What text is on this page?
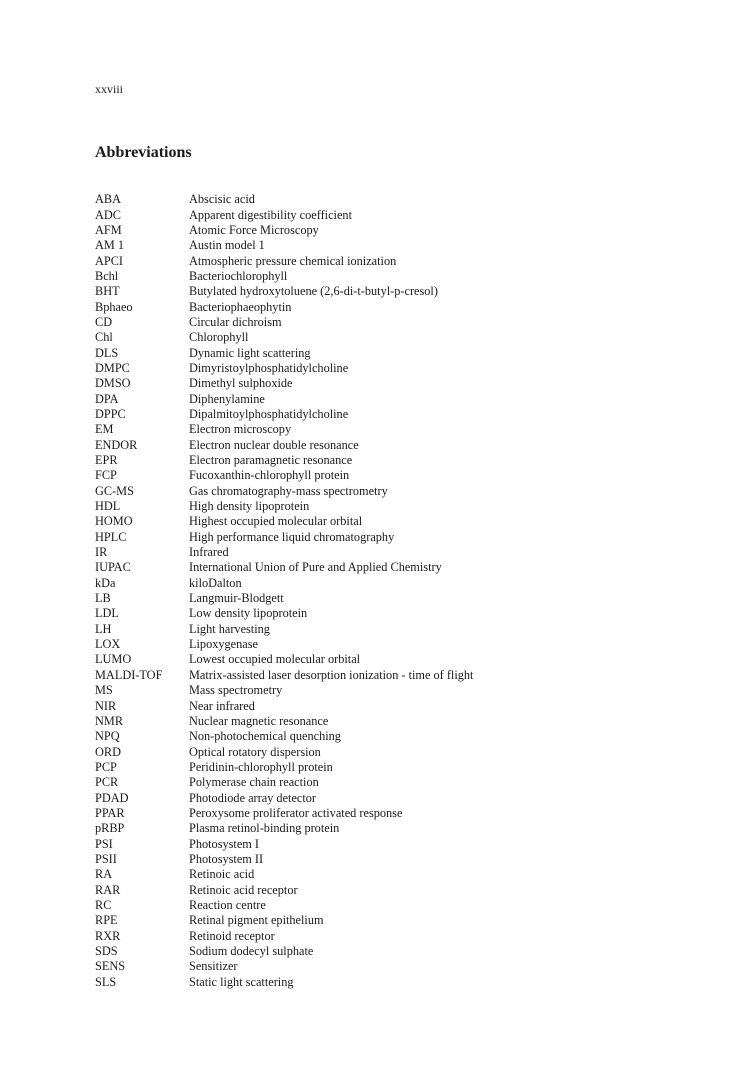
xxviii
Abbreviations
ABA	Abscisic acid
ADC	Apparent digestibility coefficient
AFM	Atomic Force Microscopy
AM 1	Austin model 1
APCI	Atmospheric pressure chemical ionization
Bchl	Bacteriochlorophyll
BHT	Butylated hydroxytoluene (2,6-di-t-butyl-p-cresol)
Bphaeo	Bacteriophaeophytin
CD	Circular dichroism
Chl	Chlorophyll
DLS	Dynamic light scattering
DMPC	Dimyristoylphosphatidylcholine
DMSO	Dimethyl sulphoxide
DPA	Diphenylamine
DPPC	Dipalmitoylphosphatidylcholine
EM	Electron microscopy
ENDOR	Electron nuclear double resonance
EPR	Electron paramagnetic resonance
FCP	Fucoxanthin-chlorophyll protein
GC-MS	Gas chromatography-mass spectrometry
HDL	High density lipoprotein
HOMO	Highest occupied molecular orbital
HPLC	High performance liquid chromatography
IR	Infrared
IUPAC	International Union of Pure and Applied Chemistry
kDa	kiloDalton
LB	Langmuir-Blodgett
LDL	Low density lipoprotein
LH	Light harvesting
LOX	Lipoxygenase
LUMO	Lowest occupied molecular orbital
MALDI-TOF	Matrix-assisted laser desorption ionization - time of flight
MS	Mass spectrometry
NIR	Near infrared
NMR	Nuclear magnetic resonance
NPQ	Non-photochemical quenching
ORD	Optical rotatory dispersion
PCP	Peridinin-chlorophyll protein
PCR	Polymerase chain reaction
PDAD	Photodiode array detector
PPAR	Peroxysome proliferator activated response
pRBP	Plasma retinol-binding protein
PSI	Photosystem I
PSII	Photosystem II
RA	Retinoic acid
RAR	Retinoic acid receptor
RC	Reaction centre
RPE	Retinal pigment epithelium
RXR	Retinoid receptor
SDS	Sodium dodecyl sulphate
SENS	Sensitizer
SLS	Static light scattering
